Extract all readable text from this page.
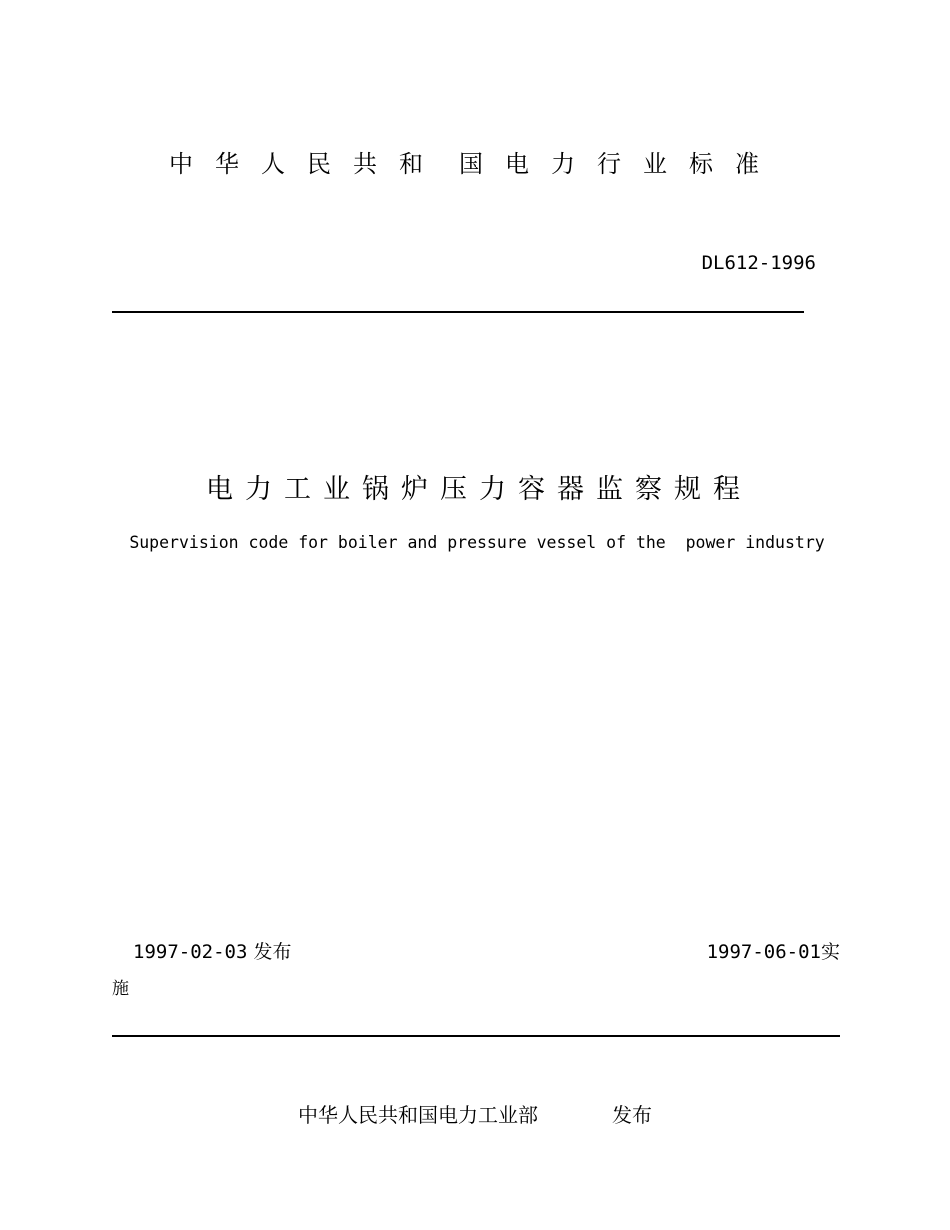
中华人民共和 国电力行业标准
DL612-1996
电力工业锅炉压力容器监察规程
Supervision code for boiler and pressure vessel of the  power industry
1997-02-03 发布	1997-06-01实
施
中华人民共和国电力工业部	发布
